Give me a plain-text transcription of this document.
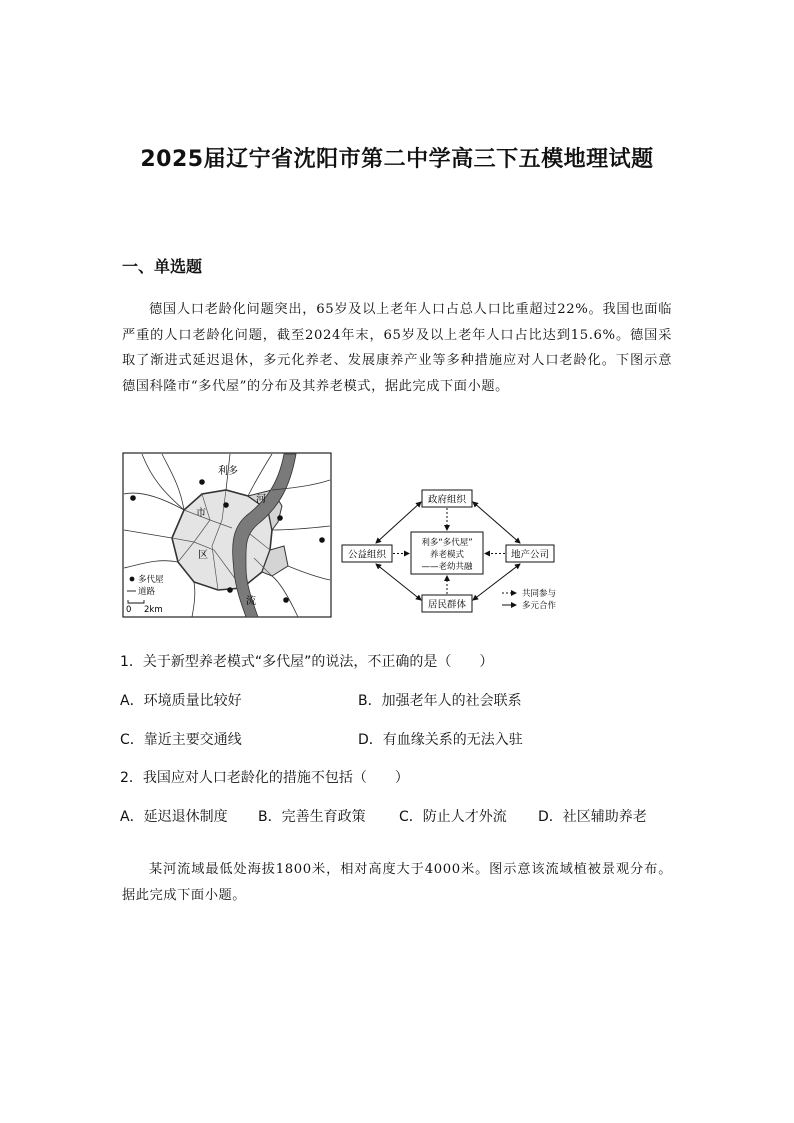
2025届辽宁省沈阳市第二中学高三下五模地理试题
一、单选题
德国人口老龄化问题突出，65岁及以上老年人口占总人口比重超过22%。我国也面临严重的人口老龄化问题，截至2024年末，65岁及以上老年人口占比达到15.6%。德国采取了渐进式延迟退休，多元化养老、发展康养产业等多种措施应对人口老龄化。下图示意德国科隆市“多代屋”的分布及其养老模式，据此完成下面小题。
利多
河
市
区
流
多代屋
道路
0 2km
政府组织
公益组织	地产公司
居民群体
利多“多代屋”
养老模式
——老幼共融
共同参与
多元合作
1．关于新型养老模式“多代屋”的说法，不正确的是（　　）
A．环境质量比较好	B．加强老年人的社会联系
C．靠近主要交通线	D．有血缘关系的无法入驻
2．我国应对人口老龄化的措施不包括（　　）
A．延迟退休制度 B．完善生育政策 C．防止人才外流 D．社区辅助养老
某河流域最低处海拔1800米，相对高度大于4000米。图示意该流域植被景观分布。据此完成下面小题。
